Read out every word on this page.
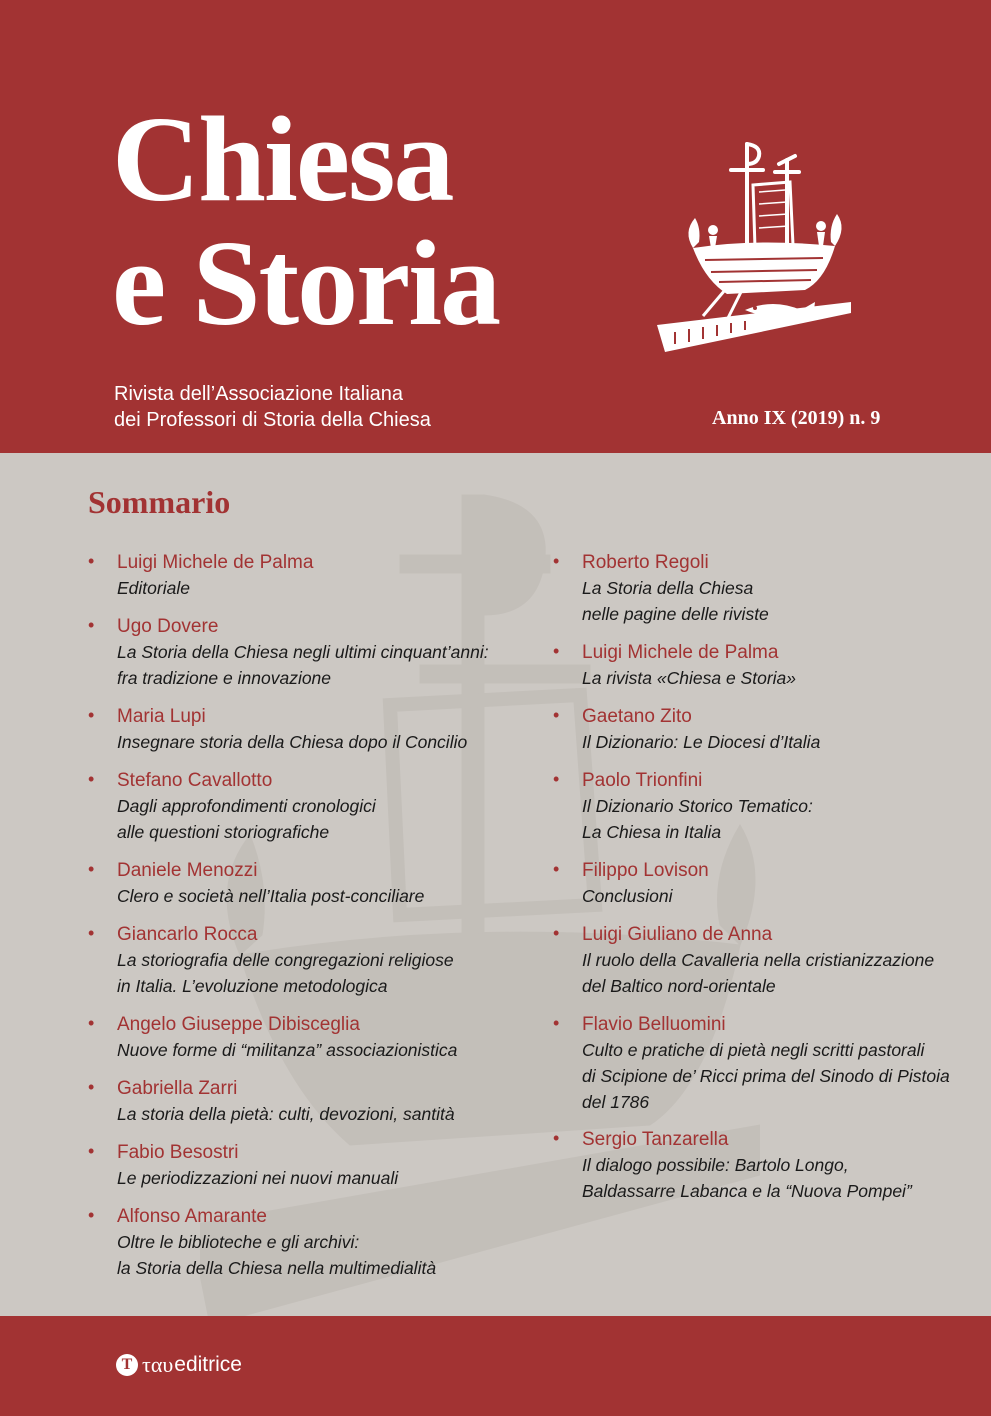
Chiesa
e Storia
Rivista dell’Associazione Italiana
dei Professori di Storia della Chiesa	Anno IX (2019) n. 9
Sommario
• Luigi Michele de Palma
Editoriale
• Ugo Dovere
La Storia della Chiesa negli ultimi cinquant’anni:
fra tradizione e innovazione
• Maria Lupi
Insegnare storia della Chiesa dopo il Concilio
• Stefano Cavallotto
Dagli approfondimenti cronologici
alle questioni storiografiche
• Daniele Menozzi
Clero e società nell’Italia post-conciliare
• Giancarlo Rocca
La storiografia delle congregazioni religiose
in Italia. L’evoluzione metodologica
• Angelo Giuseppe Dibisceglia
Nuove forme di “militanza” associazionistica
• Gabriella Zarri
La storia della pietà: culti, devozioni, santità
• Fabio Besostri
Le periodizzazioni nei nuovi manuali
• Alfonso Amarante
Oltre le biblioteche e gli archivi:
la Storia della Chiesa nella multimedialità
• Roberto Regoli
La Storia della Chiesa
nelle pagine delle riviste
• Luigi Michele de Palma
La rivista «Chiesa e Storia»
• Gaetano Zito
Il Dizionario: Le Diocesi d’Italia
• Paolo Trionfini
Il Dizionario Storico Tematico:
La Chiesa in Italia
• Filippo Lovison
Conclusioni
• Luigi Giuliano de Anna
Il ruolo della Cavalleria nella cristianizzazione
del Baltico nord-orientale
• Flavio Belluomini
Culto e pratiche di pietà negli scritti pastorali
di Scipione de’ Ricci prima del Sinodo di Pistoia
del 1786
• Sergio Tanzarella
Il dialogo possibile: Bartolo Longo,
Baldassarre Labanca e la “Nuova Pompei”
T ταυ editrice
